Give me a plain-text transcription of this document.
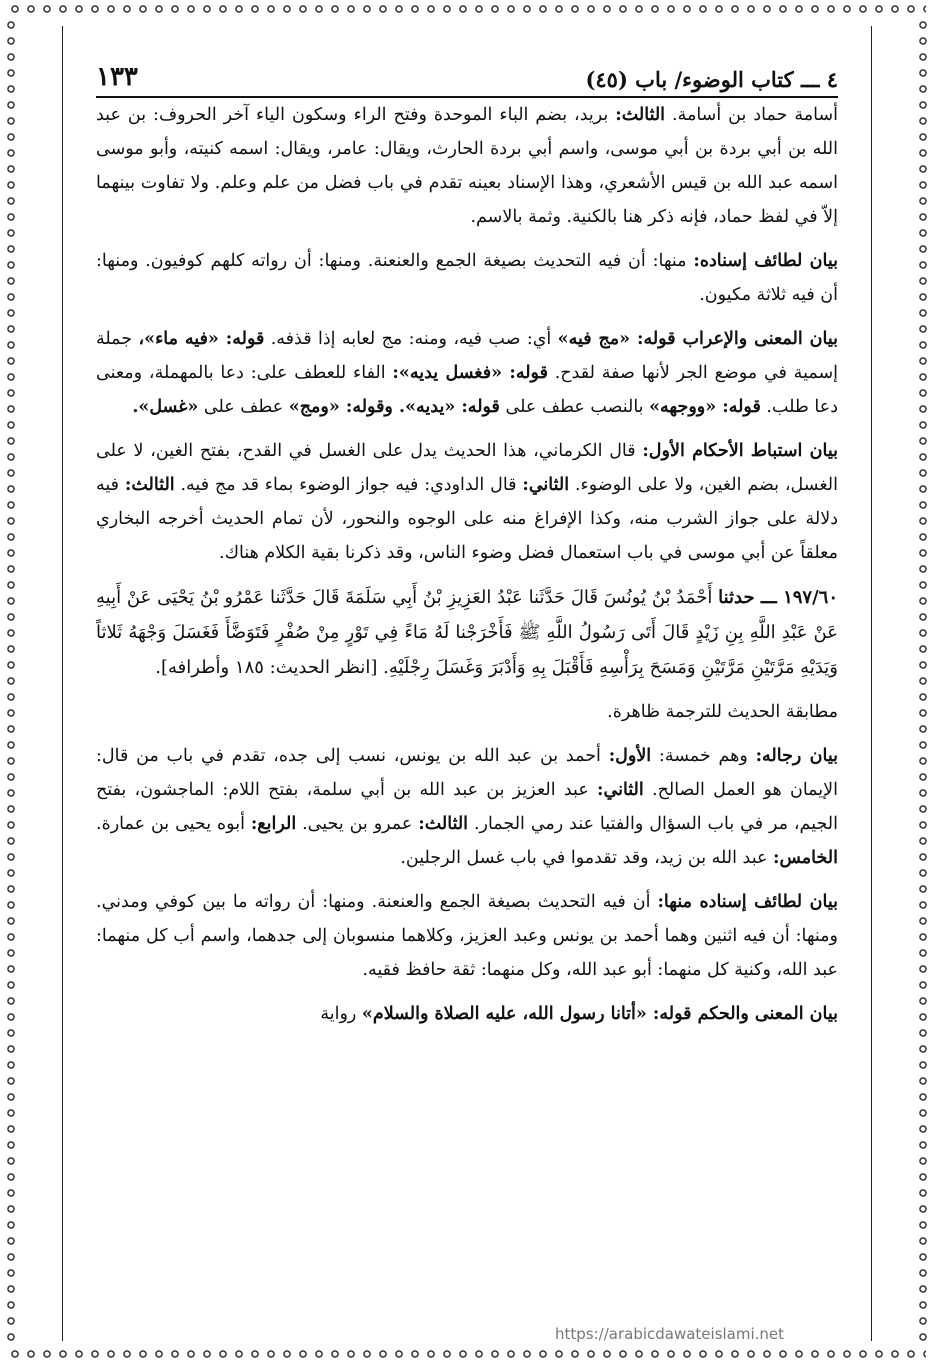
٤ ـــ كتاب الوضوء/ باب (٤٥)
١٣٣

أسامة حماد بن أسامة. الثالث: بريد، بضم الباء الموحدة وفتح الراء وسكون الياء آخر الحروف: بن عبد الله بن أبي بردة بن أبي موسى، واسم أبي بردة الحارث، ويقال: عامر، ويقال: اسمه كنيته، وأبو موسى اسمه عبد الله بن قيس الأشعري، وهذا الإسناد بعينه تقدم في باب فضل من علم وعلم. ولا تفاوت بينهما إلاّ في لفظ حماد، فإنه ذكر هنا بالكنية. وثمة بالاسم.

بيان لطائف إسناده: منها: أن فيه التحديث بصيغة الجمع والعنعنة. ومنها: أن رواته كلهم كوفيون. ومنها: أن فيه ثلاثة مكيون.

بيان المعنى والإعراب قوله: «مج فيه» أي: صب فيه، ومنه: مج لعابه إذا قذفه. قوله: «فيه ماء»، جملة إسمية في موضع الجر لأنها صفة لقدح. قوله: «فغسل يديه»: الفاء للعطف على: دعا بالمهملة، ومعنى دعا طلب. قوله: «ووجهه» بالنصب عطف على قوله: «يديه». وقوله: «ومج» عطف على «غسل».

بيان استباط الأحكام الأول: قال الكرماني، هذا الحديث يدل على الغسل في القدح، بفتح الغين، لا على الغسل، بضم الغين، ولا على الوضوء. الثاني: قال الداودي: فيه جواز الوضوء بماء قد مج فيه. الثالث: فيه دلالة على جواز الشرب منه، وكذا الإفراغ منه على الوجوه والنحور، لأن تمام الحديث أخرجه البخاري معلقاً عن أبي موسى في باب استعمال فضل وضوء الناس، وقد ذكرنا بقية الكلام هناك.

١٩٧/٦٠ ـــ حدثنا أَحْمَدُ بْنُ يُونُسَ قَالَ حَدَّثَنا عَبْدُ العَزِيزِ بْنُ أَبِي سَلَمَةَ قَالَ حَدَّثَنا عَمْرُو بْنُ يَحْيَى عَنْ أَبِيهِ عَنْ عَبْدِ اللَّهِ بِنِ زَيْدٍ قَالَ أَتَى رَسُولُ اللَّهِ ﷺ فَأَخْرَجْنا لَهُ مَاءً فِي تَوْرٍ مِنْ صُفْرٍ فَتَوَضَّأَ فَغَسَلَ وَجْهَهُ ثَلاثاً وَيَدَيْهِ مَرَّتَيْنِ مَرَّتَيْنِ وَمَسَحَ بِرَأْسِهِ فَأَقْبَلَ بِهِ وَأَدْبَرَ وَغَسَلَ رِجْلَيْهِ. [انظر الحديث: ١٨٥ وأطرافه].

مطابقة الحديث للترجمة ظاهرة.

بيان رجاله: وهم خمسة: الأول: أحمد بن عبد الله بن يونس، نسب إلى جده، تقدم في باب من قال: الإيمان هو العمل الصالح. الثاني: عبد العزيز بن عبد الله بن أبي سلمة، بفتح اللام: الماجشون، بفتح الجيم، مر في باب السؤال والفتيا عند رمي الجمار. الثالث: عمرو بن يحيى. الرابع: أبوه يحيى بن عمارة. الخامس: عبد الله بن زيد، وقد تقدموا في باب غسل الرجلين.

بيان لطائف إسناده منها: أن فيه التحديث بصيغة الجمع والعنعنة. ومنها: أن رواته ما بين كوفي ومدني. ومنها: أن فيه اثنين وهما أحمد بن يونس وعبد العزيز، وكلاهما منسوبان إلى جدهما، واسم أب كل منهما: عبد الله، وكنية كل منهما: أبو عبد الله، وكل منهما: ثقة حافظ فقيه.

بيان المعنى والحكم قوله: «أتانا رسول الله، عليه الصلاة والسلام» رواية

https://arabicdawateislami.net
